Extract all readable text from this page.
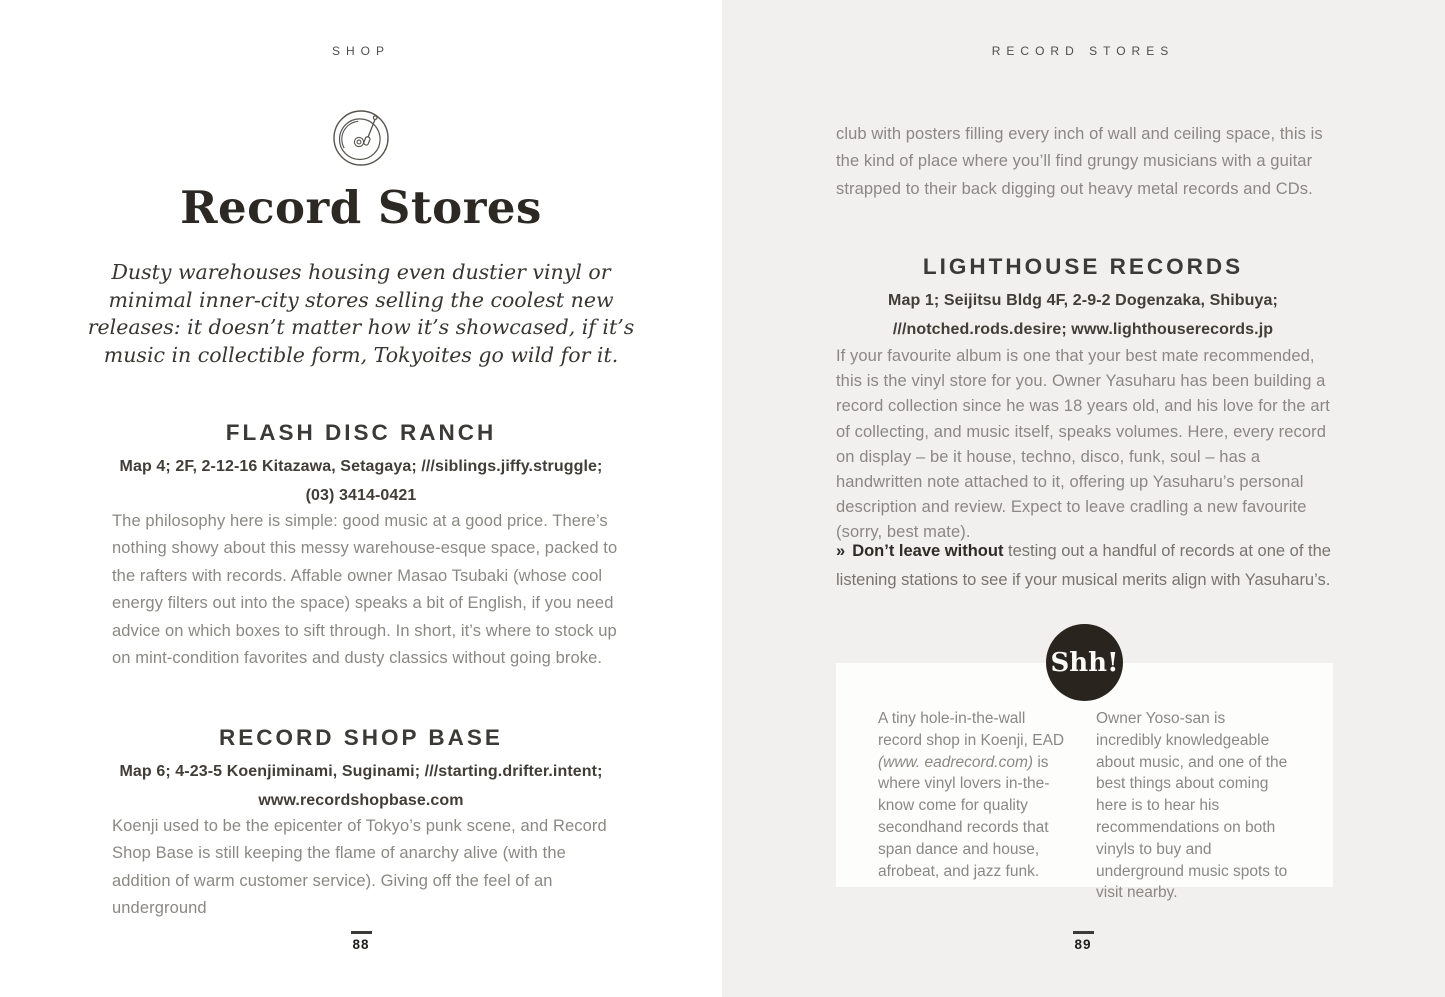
SHOP
Record Stores
Dusty warehouses housing even dustier vinyl or minimal inner-city stores selling the coolest new releases: it doesn’t matter how it’s showcased, if it’s music in collectible form, Tokyoites go wild for it.
FLASH DISC RANCH
Map 4; 2F, 2-12-16 Kitazawa, Setagaya; ///siblings.jiffy.struggle;
(03) 3414-0421
The philosophy here is simple: good music at a good price. There’s nothing showy about this messy warehouse-esque space, packed to the rafters with records. Affable owner Masao Tsubaki (whose cool energy filters out into the space) speaks a bit of English, if you need advice on which boxes to sift through. In short, it’s where to stock up on mint-condition favorites and dusty classics without going broke.
RECORD SHOP BASE
Map 6; 4-23-5 Koenjiminami, Suginami; ///starting.drifter.intent;
www.recordshopbase.com
Koenji used to be the epicenter of Tokyo’s punk scene, and Record Shop Base is still keeping the flame of anarchy alive (with the addition of warm customer service). Giving off the feel of an underground
88
RECORD STORES
club with posters filling every inch of wall and ceiling space, this is the kind of place where you’ll find grungy musicians with a guitar strapped to their back digging out heavy metal records and CDs.
LIGHTHOUSE RECORDS
Map 1; Seijitsu Bldg 4F, 2-9-2 Dogenzaka, Shibuya;
///notched.rods.desire; www.lighthouserecords.jp
If your favourite album is one that your best mate recommended, this is the vinyl store for you. Owner Yasuharu has been building a record collection since he was 18 years old, and his love for the art of collecting, and music itself, speaks volumes. Here, every record on display – be it house, techno, disco, funk, soul – has a handwritten note attached to it, offering up Yasuharu’s personal description and review. Expect to leave cradling a new favourite (sorry, best mate).
» Don’t leave without testing out a handful of records at one of the listening stations to see if your musical merits align with Yasuharu’s.
Shh!
A tiny hole-in-the-wall record shop in Koenji, EAD (www. eadrecord.com) is where vinyl lovers in-the-know come for quality secondhand records that span dance and house, afrobeat, and jazz funk.
Owner Yoso-san is incredibly knowledgeable about music, and one of the best things about coming here is to hear his recommendations on both vinyls to buy and underground music spots to visit nearby.
89
